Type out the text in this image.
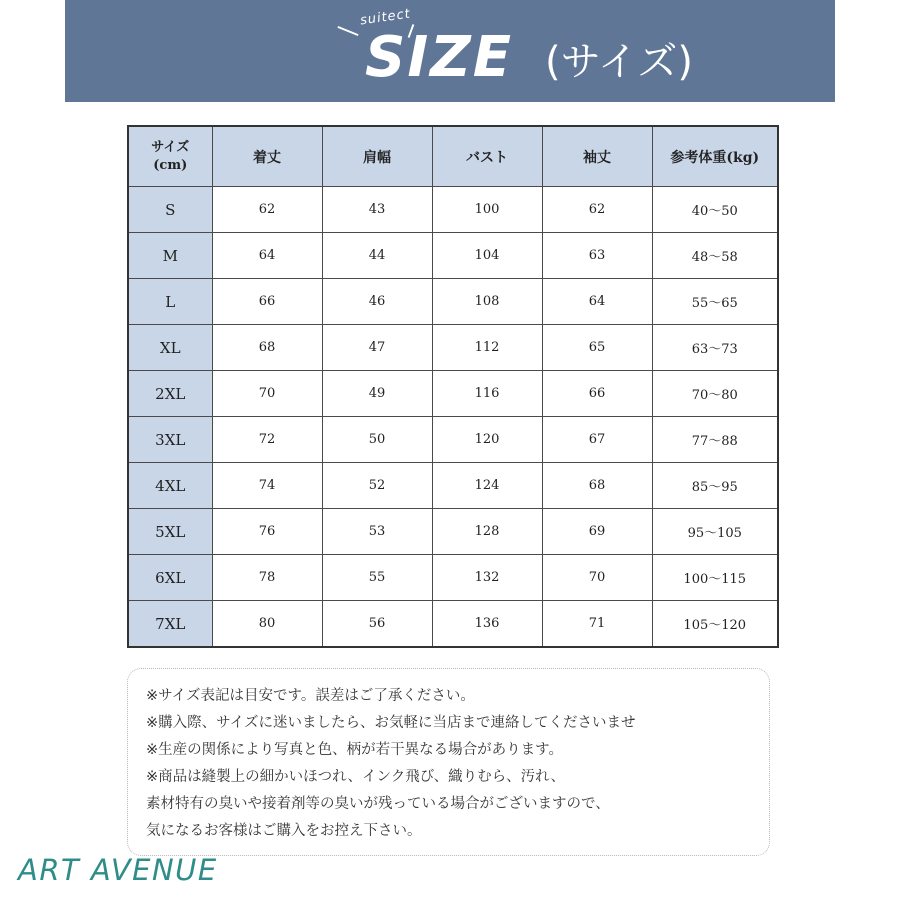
suitect
SIZE (サイズ)
サイズ
(cm)	着丈	肩幅	バスト	袖丈	参考体重(kg)
S	62	43	100	62	40～50
M	64	44	104	63	48～58
L	66	46	108	64	55～65
XL	68	47	112	65	63～73
2XL	70	49	116	66	70～80
3XL	72	50	120	67	77～88
4XL	74	52	124	68	85～95
5XL	76	53	128	69	95～105
6XL	78	55	132	70	100～115
7XL	80	56	136	71	105～120
※サイズ表記は目安です。誤差はご了承ください。
※購入際、サイズに迷いましたら、お気軽に当店まで連絡してくださいませ
※生産の関係により写真と色、柄が若干異なる場合があります。
※商品は縫製上の細かいほつれ、インク飛び、織りむら、汚れ、
素材特有の臭いや接着剤等の臭いが残っている場合がございますので、
気になるお客様はご購入をお控え下さい。
ART AVENUE
